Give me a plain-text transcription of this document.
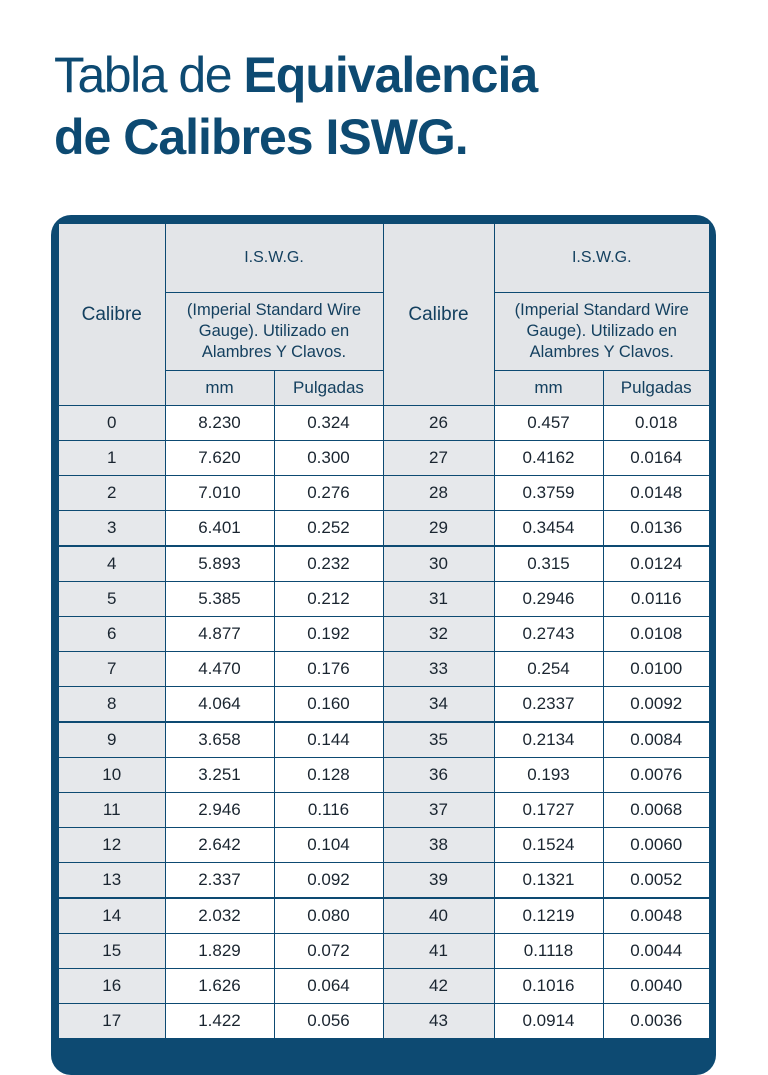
Tabla de Equivalencia
de Calibres ISWG.
Calibre	I.S.W.G.		Calibre	I.S.W.G.	
	(Imperial Standard Wire Gauge). Utilizado en Alambres Y Clavos.			(Imperial Standard Wire Gauge). Utilizado en Alambres Y Clavos.	
	mm	Pulgadas		mm	Pulgadas
0	8.230	0.324	26	0.457	0.018
1	7.620	0.300	27	0.4162	0.0164
2	7.010	0.276	28	0.3759	0.0148
3	6.401	0.252	29	0.3454	0.0136
4	5.893	0.232	30	0.315	0.0124
5	5.385	0.212	31	0.2946	0.0116
6	4.877	0.192	32	0.2743	0.0108
7	4.470	0.176	33	0.254	0.0100
8	4.064	0.160	34	0.2337	0.0092
9	3.658	0.144	35	0.2134	0.0084
10	3.251	0.128	36	0.193	0.0076
11	2.946	0.116	37	0.1727	0.0068
12	2.642	0.104	38	0.1524	0.0060
13	2.337	0.092	39	0.1321	0.0052
14	2.032	0.080	40	0.1219	0.0048
15	1.829	0.072	41	0.1118	0.0044
16	1.626	0.064	42	0.1016	0.0040
17	1.422	0.056	43	0.0914	0.0036
